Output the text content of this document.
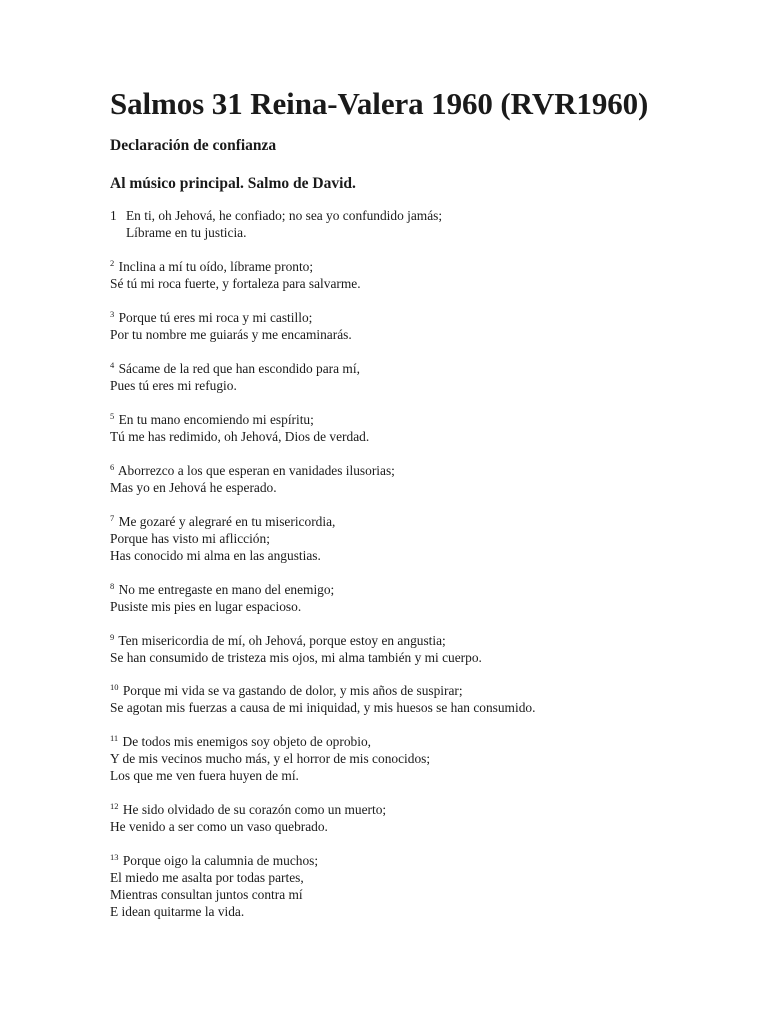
Salmos 31 Reina-Valera 1960 (RVR1960)
Declaración de confianza
Al músico principal. Salmo de David.
1 En ti, oh Jehová, he confiado; no sea yo confundido jamás;
Líbrame en tu justicia.
$^2$ Inclina a mí tu oído, líbrame pronto;
Sé tú mi roca fuerte, y fortaleza para salvarme.
$^3$ Porque tú eres mi roca y mi castillo;
Por tu nombre me guiarás y me encaminarás.
$^4$ Sácame de la red que han escondido para mí,
Pues tú eres mi refugio.
$^5$ En tu mano encomiendo mi espíritu;
Tú me has redimido, oh Jehová, Dios de verdad.
$^6$ Aborrezco a los que esperan en vanidades ilusorias;
Mas yo en Jehová he esperado.
$^7$ Me gozaré y alegraré en tu misericordia,
Porque has visto mi aflicción;
Has conocido mi alma en las angustias.
$^8$ No me entregaste en mano del enemigo;
Pusiste mis pies en lugar espacioso.
$^9$ Ten misericordia de mí, oh Jehová, porque estoy en angustia;
Se han consumido de tristeza mis ojos, mi alma también y mi cuerpo.
$^{10}$ Porque mi vida se va gastando de dolor, y mis años de suspirar;
Se agotan mis fuerzas a causa de mi iniquidad, y mis huesos se han consumido.
$^{11}$ De todos mis enemigos soy objeto de oprobio,
Y de mis vecinos mucho más, y el horror de mis conocidos;
Los que me ven fuera huyen de mí.
$^{12}$ He sido olvidado de su corazón como un muerto;
He venido a ser como un vaso quebrado.
$^{13}$ Porque oigo la calumnia de muchos;
El miedo me asalta por todas partes,
Mientras consultan juntos contra mí
E idean quitarme la vida.
